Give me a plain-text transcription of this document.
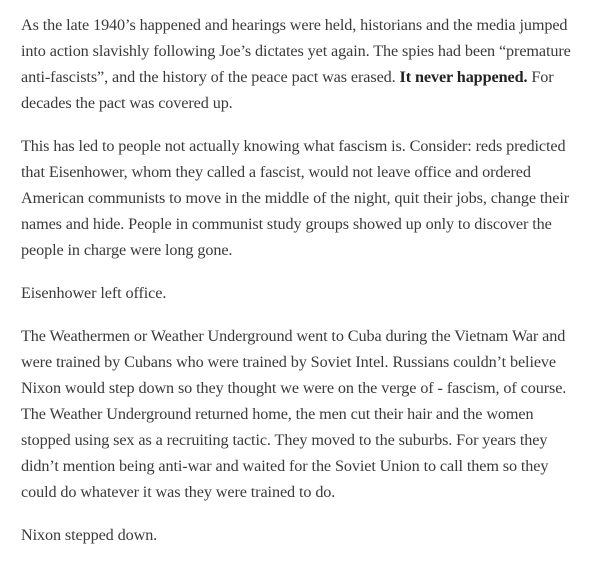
As the late 1940’s happened and hearings were held, historians and the media jumped into action slavishly following Joe’s dictates yet again. The spies had been “premature anti-fascists”, and the history of the peace pact was erased. It never happened. For decades the pact was covered up.

This has led to people not actually knowing what fascism is. Consider: reds predicted that Eisenhower, whom they called a fascist, would not leave office and ordered American communists to move in the middle of the night, quit their jobs, change their names and hide. People in communist study groups showed up only to discover the people in charge were long gone.

Eisenhower left office.

The Weathermen or Weather Underground went to Cuba during the Vietnam War and were trained by Cubans who were trained by Soviet Intel. Russians couldn’t believe Nixon would step down so they thought we were on the verge of - fascism, of course. The Weather Underground returned home, the men cut their hair and the women stopped using sex as a recruiting tactic. They moved to the suburbs. For years they didn’t mention being anti-war and waited for the Soviet Union to call them so they could do whatever it was they were trained to do.

Nixon stepped down.
